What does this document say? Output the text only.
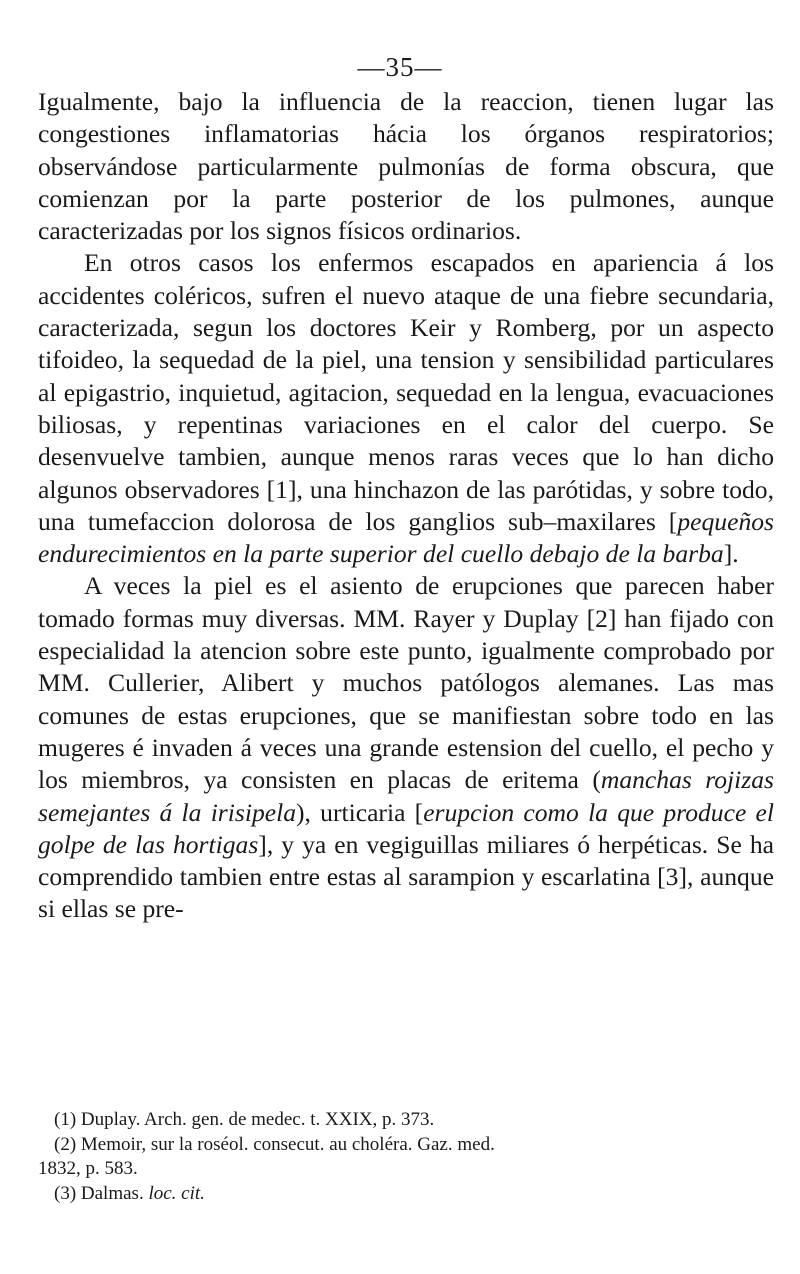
—35—

Igualmente, bajo la influencia de la reaccion, tienen lugar las congestiones inflamatorias hácia los órganos respiratorios; observándose particularmente pulmonías de forma obscura, que comienzan por la parte posterior de los pulmones, aunque caracterizadas por los signos físicos ordinarios.

En otros casos los enfermos escapados en apariencia á los accidentes coléricos, sufren el nuevo ataque de una fiebre secundaria, caracterizada, segun los doctores Keir y Romberg, por un aspecto tifoideo, la sequedad de la piel, una tension y sensibilidad particulares al epigastrio, inquietud, agitacion, sequedad en la lengua, evacuaciones biliosas, y repentinas variaciones en el calor del cuerpo. Se desenvuelve tambien, aunque menos raras veces que lo han dicho algunos observadores [1], una hinchazon de las parótidas, y sobre todo, una tumefaccion dolorosa de los ganglios sub–maxilares [pequeños endurecimientos en la parte superior del cuello debajo de la barba].

A veces la piel es el asiento de erupciones que parecen haber tomado formas muy diversas. MM. Rayer y Duplay [2] han fijado con especialidad la atencion sobre este punto, igualmente comprobado por MM. Cullerier, Alibert y muchos patólogos alemanes. Las mas comunes de estas erupciones, que se manifiestan sobre todo en las mugeres é invaden á veces una grande estension del cuello, el pecho y los miembros, ya consisten en placas de eritema (manchas rojizas semejantes á la irisipela), urticaria [erupcion como la que produce el golpe de las hortigas], y ya en vegiguillas miliares ó herpéticas. Se ha comprendido tambien entre estas al sarampion y escarlatina [3], aunque si ellas se pre-

(1) Duplay. Arch. gen. de medec. t. XXIX, p. 373.
(2) Memoir, sur la roséol. consecut. au choléra. Gaz. med.
1832, p. 583.
(3) Dalmas. loc. cit.
